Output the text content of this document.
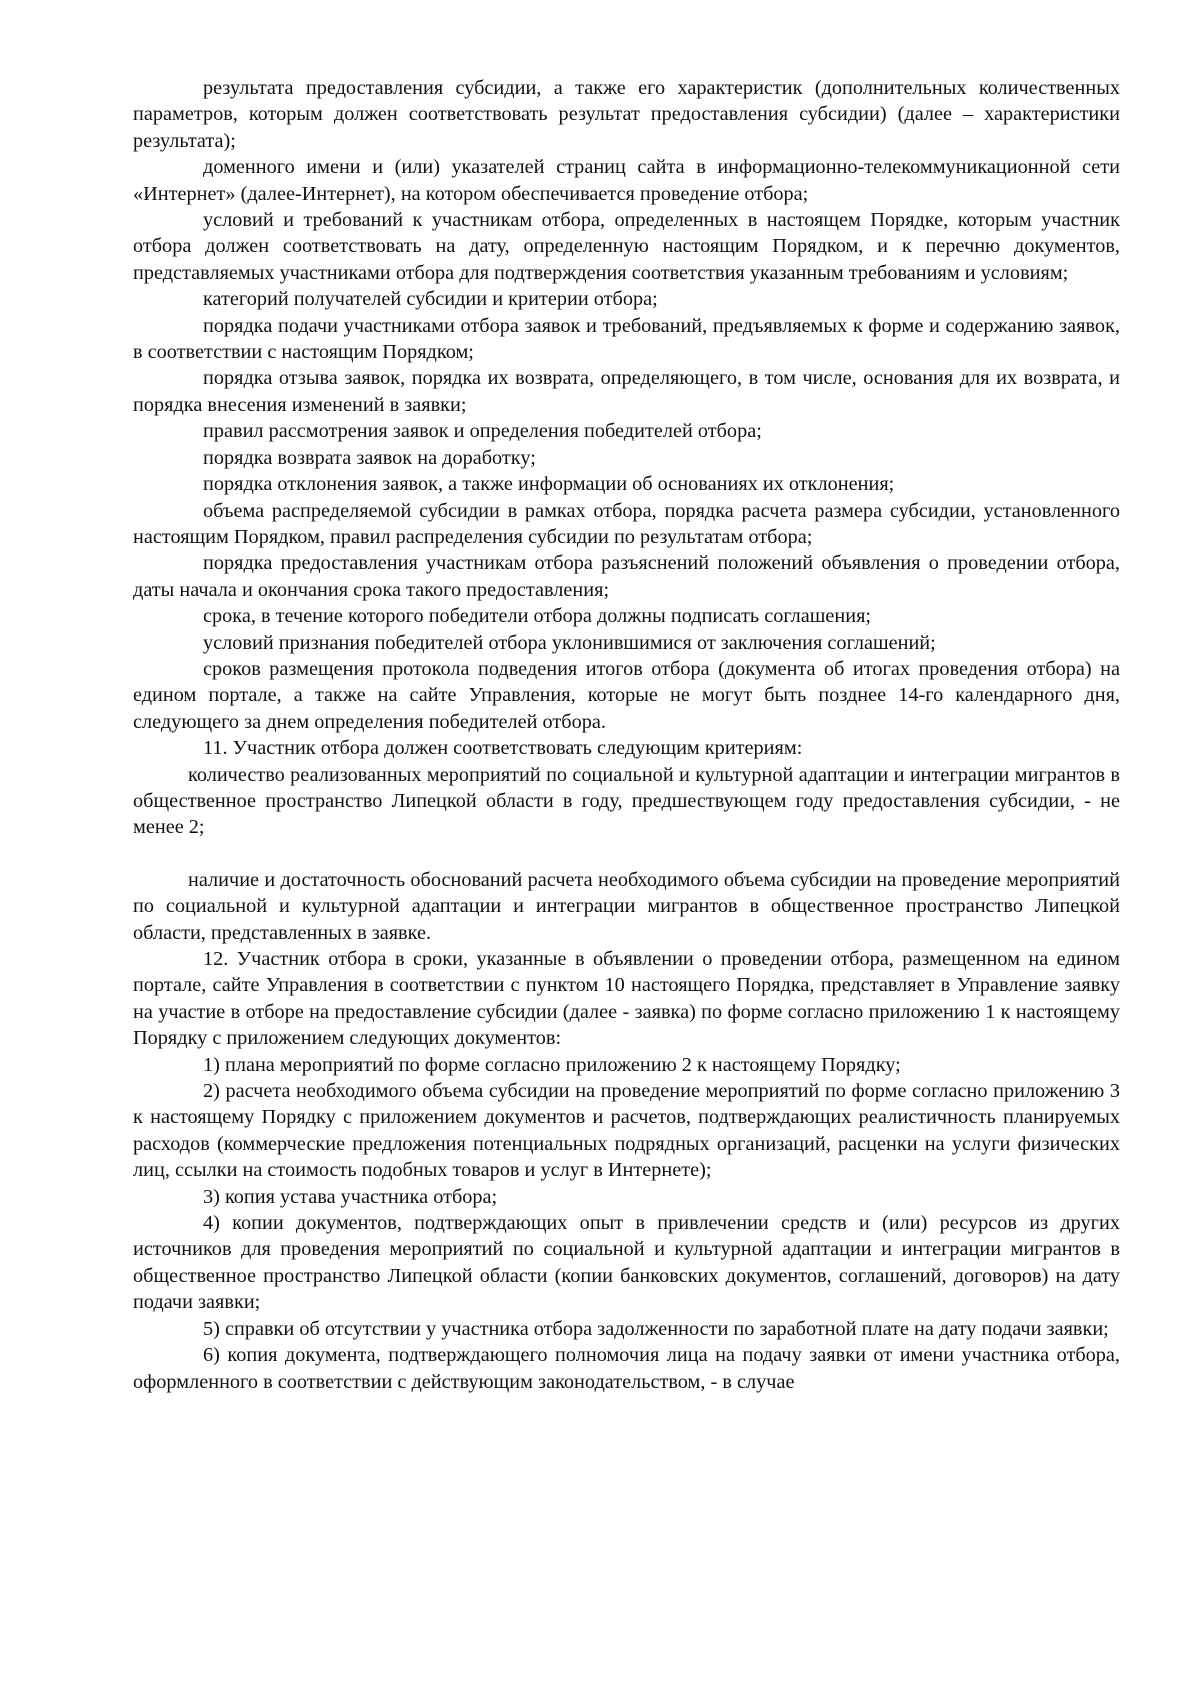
результата предоставления субсидии, а также его характеристик (дополнительных количественных параметров, которым должен соответствовать результат предоставления субсидии) (далее – характеристики результата);

доменного имени и (или) указателей страниц сайта в информационно-телекоммуникационной сети «Интернет» (далее-Интернет), на котором обеспечивается проведение отбора;

условий и требований к участникам отбора, определенных в настоящем Порядке, которым участник отбора должен соответствовать на дату, определенную настоящим Порядком, и к перечню документов, представляемых участниками отбора для подтверждения соответствия указанным требованиям и условиям;

категорий получателей субсидии и критерии отбора;

порядка подачи участниками отбора заявок и требований, предъявляемых к форме и содержанию заявок, в соответствии с настоящим Порядком;

порядка отзыва заявок, порядка их возврата, определяющего, в том числе, основания для их возврата, и порядка внесения изменений в заявки;

правил рассмотрения заявок и определения победителей отбора;

порядка возврата заявок на доработку;

порядка отклонения заявок, а также информации об основаниях их отклонения;

объема распределяемой субсидии в рамках отбора, порядка расчета размера субсидии, установленного настоящим Порядком, правил распределения субсидии по результатам отбора;

порядка предоставления участникам отбора разъяснений положений объявления о проведении отбора, даты начала и окончания срока такого предоставления;

срока, в течение которого победители отбора должны подписать соглашения;

условий признания победителей отбора уклонившимися от заключения соглашений;

сроков размещения протокола подведения итогов отбора (документа об итогах проведения отбора) на едином портале, а также на сайте Управления, которые не могут быть позднее 14-го календарного дня, следующего за днем определения победителей отбора.

11. Участник отбора должен соответствовать следующим критериям:

количество реализованных мероприятий по социальной и культурной адаптации и интеграции мигрантов в общественное пространство Липецкой области в году, предшествующем году предоставления субсидии, - не менее 2;

наличие и достаточность обоснований расчета необходимого объема субсидии на проведение мероприятий по социальной и культурной адаптации и интеграции мигрантов в общественное пространство Липецкой области, представленных в заявке.

12. Участник отбора в сроки, указанные в объявлении о проведении отбора, размещенном на едином портале, сайте Управления в соответствии с пунктом 10 настоящего Порядка, представляет в Управление заявку на участие в отборе на предоставление субсидии (далее - заявка) по форме согласно приложению 1 к настоящему Порядку с приложением следующих документов:

1) плана мероприятий по форме согласно приложению 2 к настоящему Порядку;

2) расчета необходимого объема субсидии на проведение мероприятий по форме согласно приложению 3 к настоящему Порядку с приложением документов и расчетов, подтверждающих реалистичность планируемых расходов (коммерческие предложения потенциальных подрядных организаций, расценки на услуги физических лиц, ссылки на стоимость подобных товаров и услуг в Интернете);

3) копия устава участника отбора;

4) копии документов, подтверждающих опыт в привлечении средств и (или) ресурсов из других источников для проведения мероприятий по социальной и культурной адаптации и интеграции мигрантов в общественное пространство Липецкой области (копии банковских документов, соглашений, договоров) на дату подачи заявки;

5) справки об отсутствии у участника отбора задолженности по заработной плате на дату подачи заявки;

6) копия документа, подтверждающего полномочия лица на подачу заявки от имени участника отбора, оформленного в соответствии с действующим законодательством, - в случае
